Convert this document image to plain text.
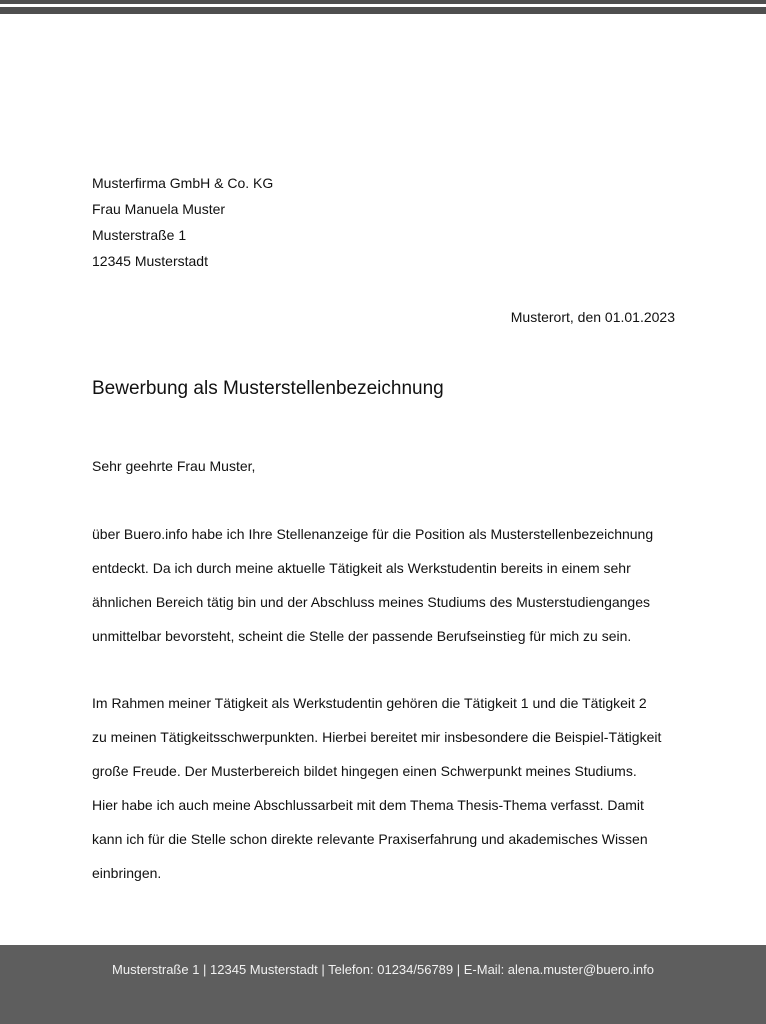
Musterfirma GmbH & Co. KG
Frau Manuela Muster
Musterstraße 1
12345 Musterstadt
Musterort, den 01.01.2023
Bewerbung als Musterstellenbezeichnung
Sehr geehrte Frau Muster,
über Buero.info habe ich Ihre Stellenanzeige für die Position als Musterstellenbezeichnung
entdeckt. Da ich durch meine aktuelle Tätigkeit als Werkstudentin bereits in einem sehr
ähnlichen Bereich tätig bin und der Abschluss meines Studiums des Musterstudienganges
unmittelbar bevorsteht, scheint die Stelle der passende Berufseinstieg für mich zu sein.
Im Rahmen meiner Tätigkeit als Werkstudentin gehören die Tätigkeit 1 und die Tätigkeit 2
zu meinen Tätigkeitsschwerpunkten. Hierbei bereitet mir insbesondere die Beispiel-Tätigkeit
große Freude. Der Musterbereich bildet hingegen einen Schwerpunkt meines Studiums.
Hier habe ich auch meine Abschlussarbeit mit dem Thema Thesis-Thema verfasst. Damit
kann ich für die Stelle schon direkte relevante Praxiserfahrung und akademisches Wissen
einbringen.
Musterstraße 1 | 12345 Musterstadt | Telefon: 01234/56789 | E-Mail: alena.muster@buero.info
